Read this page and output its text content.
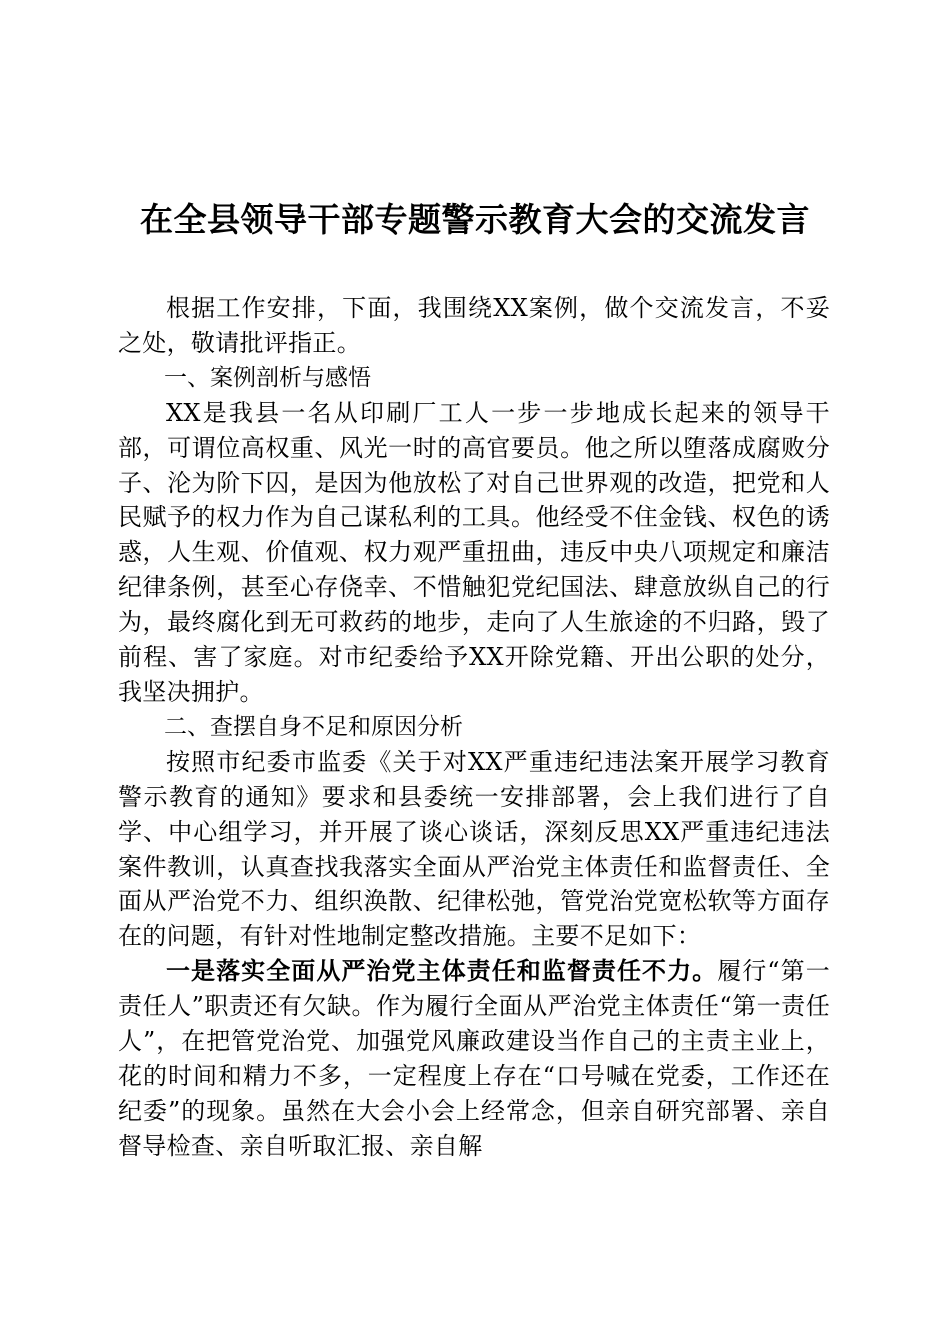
在全县领导干部专题警示教育大会的交流发言

根据工作安排，下面，我围绕XX案例，做个交流发言，不妥之处，敬请批评指正。

一、案例剖析与感悟

XX是我县一名从印刷厂工人一步一步地成长起来的领导干部，可谓位高权重、风光一时的高官要员。他之所以堕落成腐败分子、沦为阶下囚，是因为他放松了对自己世界观的改造，把党和人民赋予的权力作为自己谋私利的工具。他经受不住金钱、权色的诱惑，人生观、价值观、权力观严重扭曲，违反中央八项规定和廉洁纪律条例，甚至心存侥幸、不惜触犯党纪国法、肆意放纵自己的行为，最终腐化到无可救药的地步，走向了人生旅途的不归路，毁了前程、害了家庭。对市纪委给予XX开除党籍、开出公职的处分，我坚决拥护。

二、查摆自身不足和原因分析

按照市纪委市监委《关于对XX严重违纪违法案开展学习教育警示教育的通知》要求和县委统一安排部署，会上我们进行了自学、中心组学习，并开展了谈心谈话，深刻反思XX严重违纪违法案件教训，认真查找我落实全面从严治党主体责任和监督责任、全面从严治党不力、组织涣散、纪律松弛，管党治党宽松软等方面存在的问题，有针对性地制定整改措施。主要不足如下：

一是落实全面从严治党主体责任和监督责任不力。履行“第一责任人”职责还有欠缺。作为履行全面从严治党主体责任“第一责任人”，在把管党治党、加强党风廉政建设当作自己的主责主业上，花的时间和精力不多，一定程度上存在“口号喊在党委，工作还在纪委”的现象。虽然在大会小会上经常念，但亲自研究部署、亲自督导检查、亲自听取汇报、亲自解
